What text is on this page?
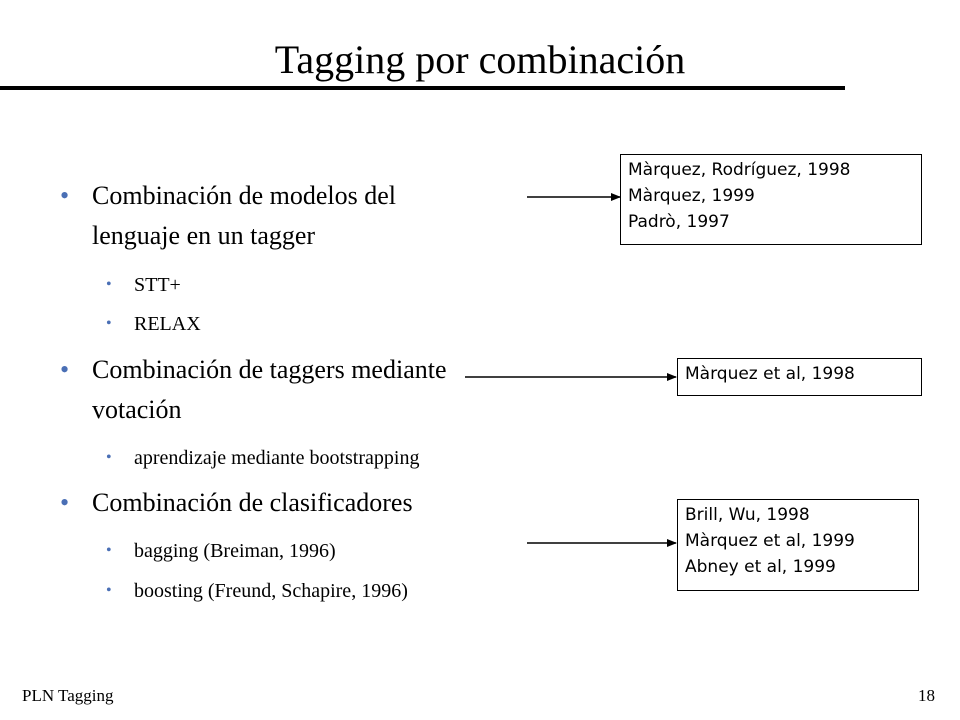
Tagging por combinación
• Combinación de modelos del
lenguaje en un tagger
• STT+
• RELAX
• Combinación de taggers mediante
votación
• aprendizaje mediante bootstrapping
• Combinación de clasificadores
• bagging (Breiman, 1996)
• boosting (Freund, Schapire, 1996)
Màrquez, Rodríguez, 1998
Màrquez, 1999
Padrò, 1997
Màrquez et al, 1998
Brill, Wu, 1998
Màrquez et al, 1999
Abney et al, 1999
PLN Tagging	18
